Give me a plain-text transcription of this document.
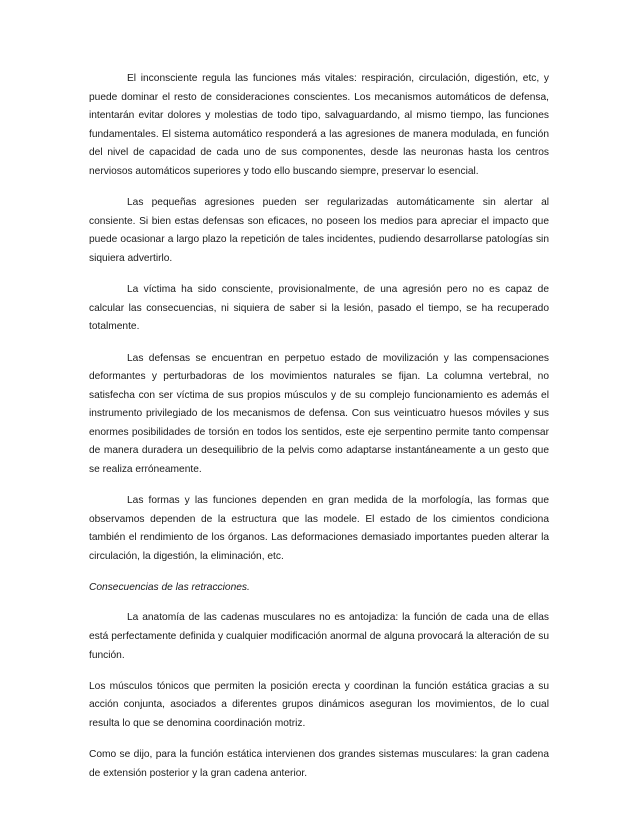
El inconsciente regula las funciones más vitales: respiración, circulación, digestión, etc, y puede dominar el resto de consideraciones conscientes. Los mecanismos automáticos de defensa, intentarán evitar dolores y molestias de todo tipo, salvaguardando, al mismo tiempo, las funciones fundamentales. El sistema automático responderá a las agresiones de manera modulada, en función del nivel de capacidad de cada uno de sus componentes, desde las neuronas hasta los centros nerviosos automáticos superiores y todo ello buscando siempre, preservar lo esencial.

Las pequeñas agresiones pueden ser regularizadas automáticamente sin alertar al consiente. Si bien estas defensas son eficaces, no poseen los medios para apreciar el impacto que puede ocasionar a largo plazo la repetición de tales incidentes, pudiendo desarrollarse patologías sin siquiera advertirlo.

La víctima ha sido consciente, provisionalmente, de una agresión pero no es capaz de calcular las consecuencias, ni siquiera de saber si la lesión, pasado el tiempo, se ha recuperado totalmente.

Las defensas se encuentran en perpetuo estado de movilización y las compensaciones deformantes y perturbadoras de los movimientos naturales se fijan. La columna vertebral, no satisfecha con ser víctima de sus propios músculos y de su complejo funcionamiento es además el instrumento privilegiado de los mecanismos de defensa. Con sus veinticuatro huesos móviles y sus enormes posibilidades de torsión en todos los sentidos, este eje serpentino permite tanto compensar de manera duradera un desequilibrio de la pelvis como adaptarse instantáneamente a un gesto que se realiza erróneamente.

Las formas y las funciones dependen en gran medida de la morfología, las formas que observamos dependen de la estructura que las modele. El estado de los cimientos condiciona también el rendimiento de los órganos. Las deformaciones demasiado importantes pueden alterar la circulación, la digestión, la eliminación, etc.

Consecuencias de las retracciones.

La anatomía de las cadenas musculares no es antojadiza: la función de cada una de ellas está perfectamente definida y cualquier modificación anormal de alguna provocará la alteración de su función.

Los músculos tónicos que permiten la posición erecta y coordinan la función estática gracias a su acción conjunta, asociados a diferentes grupos dinámicos aseguran los movimientos, de lo cual resulta lo que se denomina coordinación motriz.

Como se dijo, para la función estática intervienen dos grandes sistemas musculares: la gran cadena de extensión posterior y la gran cadena anterior.
